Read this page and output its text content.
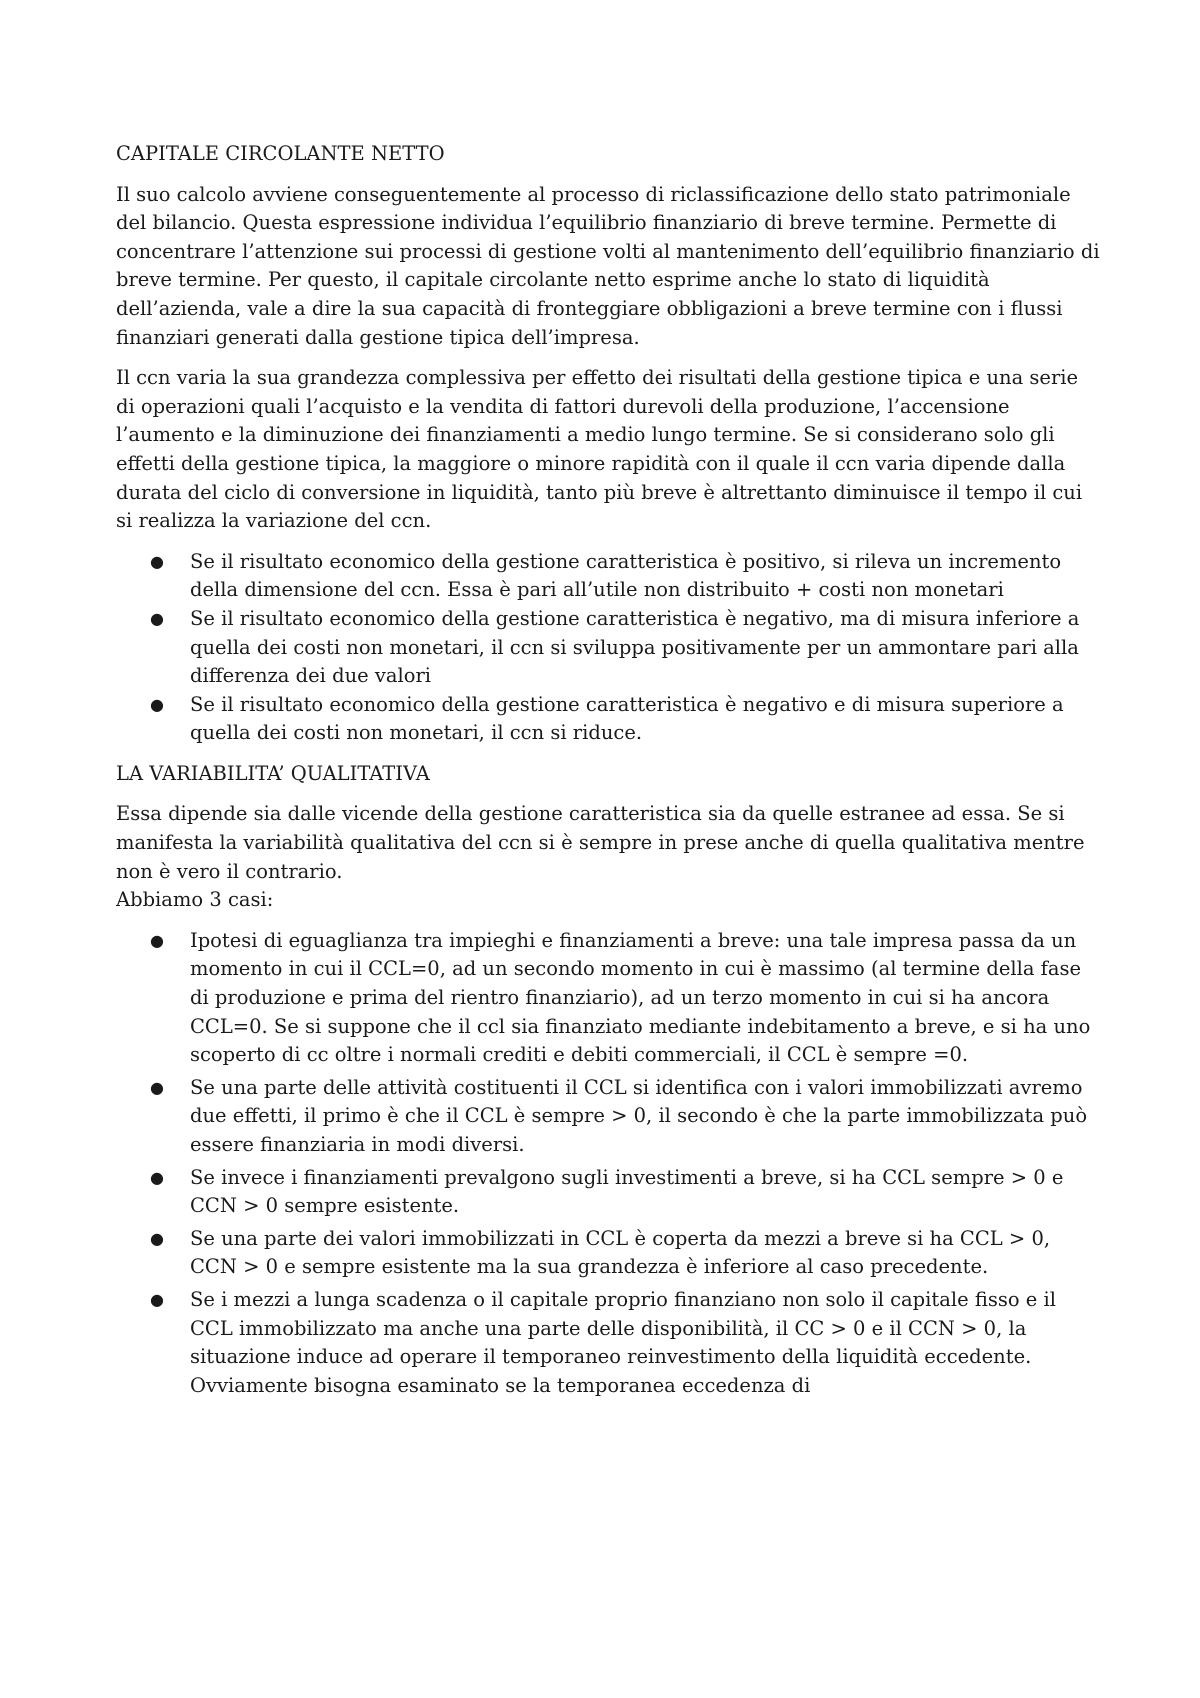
CAPITALE CIRCOLANTE NETTO

Il suo calcolo avviene conseguentemente al processo di riclassificazione dello stato patrimoniale del bilancio. Questa espressione individua l’equilibrio finanziario di breve termine. Permette di concentrare l’attenzione sui processi di gestione volti al mantenimento dell’equilibrio finanziario di breve termine. Per questo, il capitale circolante netto esprime anche lo stato di liquidità dell’azienda, vale a dire la sua capacità di fronteggiare obbligazioni a breve termine con i flussi finanziari generati dalla gestione tipica dell’impresa.

Il ccn varia la sua grandezza complessiva per effetto dei risultati della gestione tipica e una serie di operazioni quali l’acquisto e la vendita di fattori durevoli della produzione, l’accensione l’aumento e la diminuzione dei finanziamenti a medio lungo termine. Se si considerano solo gli effetti della gestione tipica, la maggiore o minore rapidità con il quale il ccn varia dipende dalla durata del ciclo di conversione in liquidità, tanto più breve è altrettanto diminuisce il tempo il cui si realizza la variazione del ccn.

● Se il risultato economico della gestione caratteristica è positivo, si rileva un incremento della dimensione del ccn. Essa è pari all’utile non distribuito + costi non monetari
● Se il risultato economico della gestione caratteristica è negativo, ma di misura inferiore a quella dei costi non monetari, il ccn si sviluppa positivamente per un ammontare pari alla differenza dei due valori
● Se il risultato economico della gestione caratteristica è negativo e di misura superiore a quella dei costi non monetari, il ccn si riduce.
LA VARIABILITA’ QUALITATIVA

Essa dipende sia dalle vicende della gestione caratteristica sia da quelle estranee ad essa. Se si manifesta la variabilità qualitativa del ccn si è sempre in prese anche di quella qualitativa mentre non è vero il contrario.

Abbiamo 3 casi:

● Ipotesi di eguaglianza tra impieghi e finanziamenti a breve: una tale impresa passa da un momento in cui il CCL=0, ad un secondo momento in cui è massimo (al termine della fase di produzione e prima del rientro finanziario), ad un terzo momento in cui si ha ancora CCL=0. Se si suppone che il ccl sia finanziato mediante indebitamento a breve, e si ha uno scoperto di cc oltre i normali crediti e debiti commerciali, il CCL è sempre =0.
● Se una parte delle attività costituenti il CCL si identifica con i valori immobilizzati avremo due effetti, il primo è che il CCL è sempre > 0, il secondo è che la parte immobilizzata può essere finanziaria in modi diversi.
● Se invece i finanziamenti prevalgono sugli investimenti a breve, si ha CCL sempre > 0 e CCN > 0 sempre esistente.
● Se una parte dei valori immobilizzati in CCL è coperta da mezzi a breve si ha CCL > 0, CCN > 0 e sempre esistente ma la sua grandezza è inferiore al caso precedente.
● Se i mezzi a lunga scadenza o il capitale proprio finanziano non solo il capitale fisso e il CCL immobilizzato ma anche una parte delle disponibilità, il CC > 0 e il CCN > 0, la situazione induce ad operare il temporaneo reinvestimento della liquidità eccedente. Ovviamente bisogna esaminato se la temporanea eccedenza di
